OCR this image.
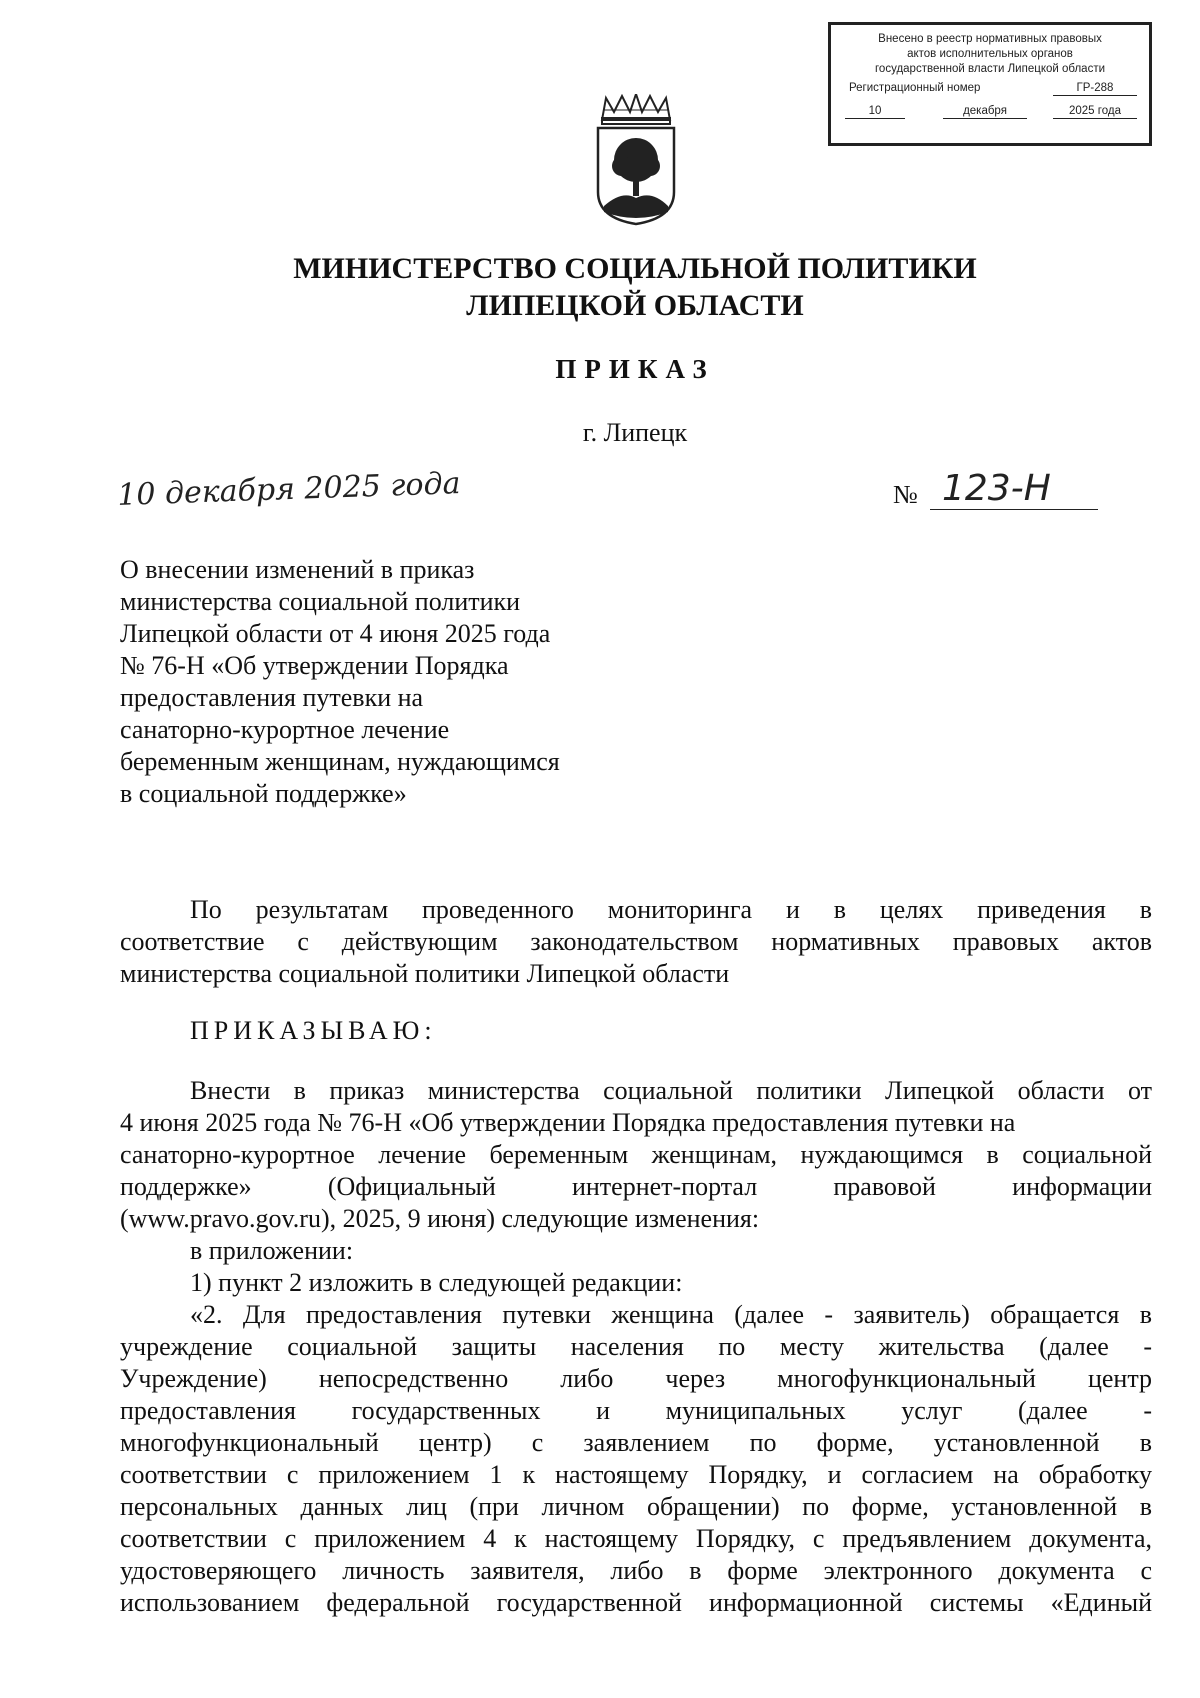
Внесено в реестр нормативных правовых
актов исполнительных органов
государственной власти Липецкой области
Регистрационный номер	ГР-288
10	декабря	2025 года
МИНИСТЕРСТВО СОЦИАЛЬНОЙ ПОЛИТИКИ
ЛИПЕЦКОЙ ОБЛАСТИ
ПРИКАЗ
г. Липецк
10 декабря 2025 года	№ 123-Н
О внесении изменений в приказ
министерства социальной политики
Липецкой области от 4 июня 2025 года
№ 76-Н «Об утверждении Порядка
предоставления путевки на
санаторно-курортное лечение
беременным женщинам, нуждающимся
в социальной поддержке»
По результатам проведенного мониторинга и в целях приведения в
соответствие с действующим законодательством нормативных правовых актов
министерства социальной политики Липецкой области
ПРИКАЗЫВАЮ:
Внести в приказ министерства социальной политики Липецкой области от
4 июня 2025 года № 76-Н «Об утверждении Порядка предоставления путевки на
санаторно-курортное лечение беременным женщинам, нуждающимся в социальной
поддержке» (Официальный интернет-портал правовой информации
(www.pravo.gov.ru), 2025, 9 июня) следующие изменения:
в приложении:
1) пункт 2 изложить в следующей редакции:
«2. Для предоставления путевки женщина (далее - заявитель) обращается в
учреждение социальной защиты населения по месту жительства (далее -
Учреждение) непосредственно либо через многофункциональный центр
предоставления государственных и муниципальных услуг (далее -
многофункциональный центр) с заявлением по форме, установленной в
соответствии с приложением 1 к настоящему Порядку, и согласием на обработку
персональных данных лиц (при личном обращении) по форме, установленной в
соответствии с приложением 4 к настоящему Порядку, с предъявлением документа,
удостоверяющего личность заявителя, либо в форме электронного документа с
использованием федеральной государственной информационной системы «Единый
